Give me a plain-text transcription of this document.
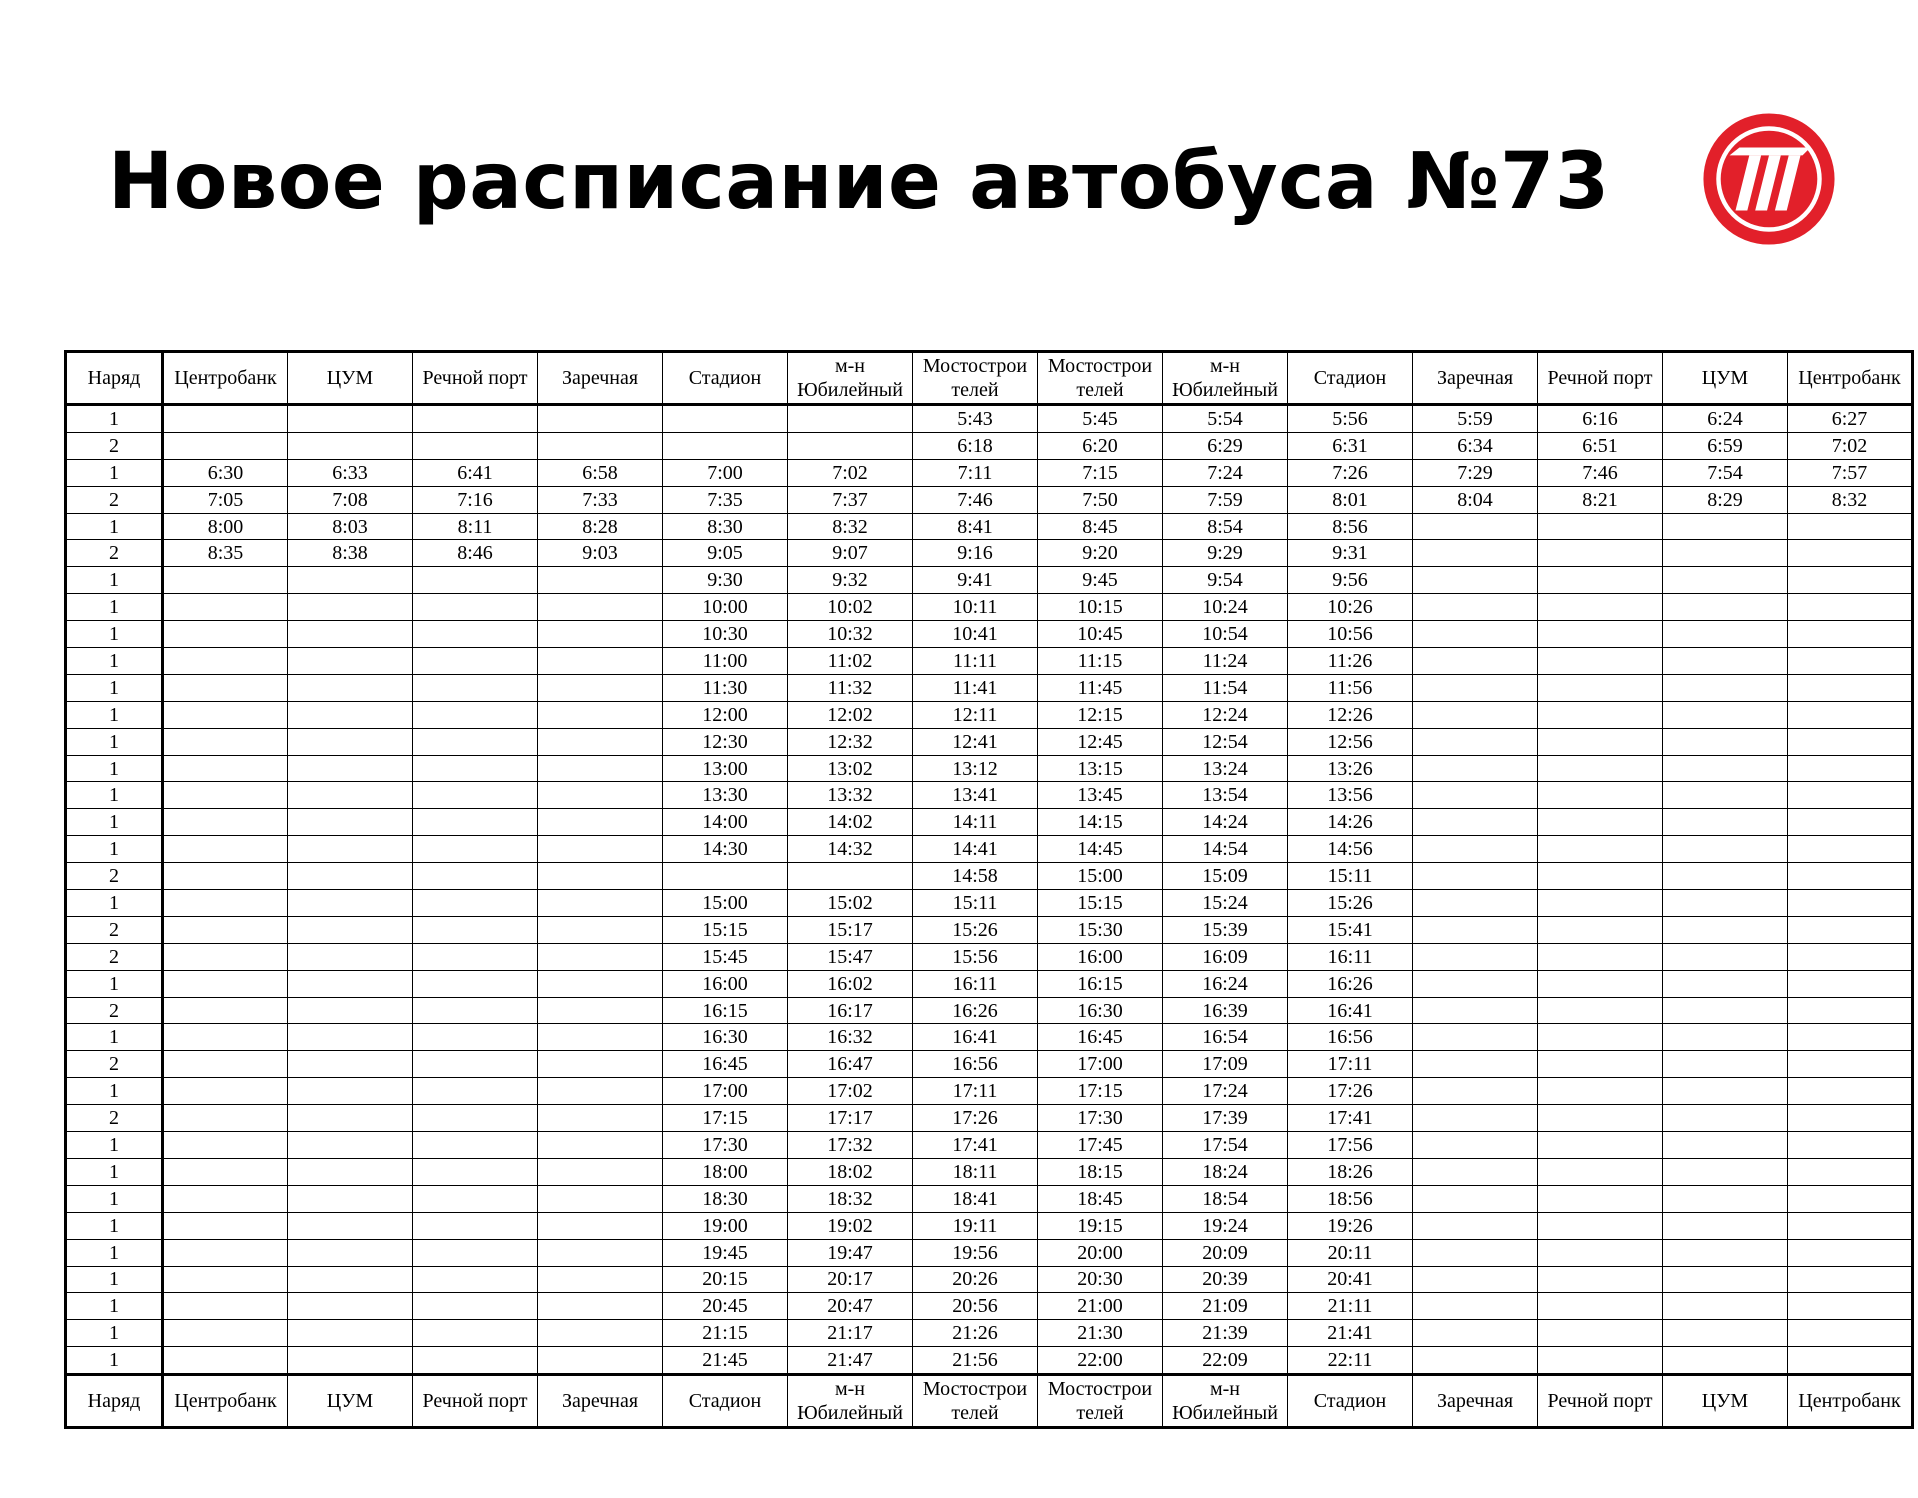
Новое расписание автобуса №73
Наряд	Центробанк	ЦУМ	Речной порт	Заречная	Стадион	м-н Юбилейный	Мостострои телей	Мостострои телей	м-н Юбилейный	Стадион	Заречная	Речной порт	ЦУМ	Центробанк
1							5:43	5:45	5:54	5:56	5:59	6:16	6:24	6:27
2							6:18	6:20	6:29	6:31	6:34	6:51	6:59	7:02
1	6:30	6:33	6:41	6:58	7:00	7:02	7:11	7:15	7:24	7:26	7:29	7:46	7:54	7:57
2	7:05	7:08	7:16	7:33	7:35	7:37	7:46	7:50	7:59	8:01	8:04	8:21	8:29	8:32
1	8:00	8:03	8:11	8:28	8:30	8:32	8:41	8:45	8:54	8:56				
2	8:35	8:38	8:46	9:03	9:05	9:07	9:16	9:20	9:29	9:31				
1					9:30	9:32	9:41	9:45	9:54	9:56				
1					10:00	10:02	10:11	10:15	10:24	10:26				
1					10:30	10:32	10:41	10:45	10:54	10:56				
1					11:00	11:02	11:11	11:15	11:24	11:26				
1					11:30	11:32	11:41	11:45	11:54	11:56				
1					12:00	12:02	12:11	12:15	12:24	12:26				
1					12:30	12:32	12:41	12:45	12:54	12:56				
1					13:00	13:02	13:12	13:15	13:24	13:26				
1					13:30	13:32	13:41	13:45	13:54	13:56				
1					14:00	14:02	14:11	14:15	14:24	14:26				
1					14:30	14:32	14:41	14:45	14:54	14:56				
2							14:58	15:00	15:09	15:11				
1					15:00	15:02	15:11	15:15	15:24	15:26				
2					15:15	15:17	15:26	15:30	15:39	15:41				
2					15:45	15:47	15:56	16:00	16:09	16:11				
1					16:00	16:02	16:11	16:15	16:24	16:26				
2					16:15	16:17	16:26	16:30	16:39	16:41				
1					16:30	16:32	16:41	16:45	16:54	16:56				
2					16:45	16:47	16:56	17:00	17:09	17:11				
1					17:00	17:02	17:11	17:15	17:24	17:26				
2					17:15	17:17	17:26	17:30	17:39	17:41				
1					17:30	17:32	17:41	17:45	17:54	17:56				
1					18:00	18:02	18:11	18:15	18:24	18:26				
1					18:30	18:32	18:41	18:45	18:54	18:56				
1					19:00	19:02	19:11	19:15	19:24	19:26				
1					19:45	19:47	19:56	20:00	20:09	20:11				
1					20:15	20:17	20:26	20:30	20:39	20:41				
1					20:45	20:47	20:56	21:00	21:09	21:11				
1					21:15	21:17	21:26	21:30	21:39	21:41				
1					21:45	21:47	21:56	22:00	22:09	22:11				
Наряд	Центробанк	ЦУМ	Речной порт	Заречная	Стадион	м-н Юбилейный	Мостострои телей	Мостострои телей	м-н Юбилейный	Стадион	Заречная	Речной порт	ЦУМ	Центробанк
